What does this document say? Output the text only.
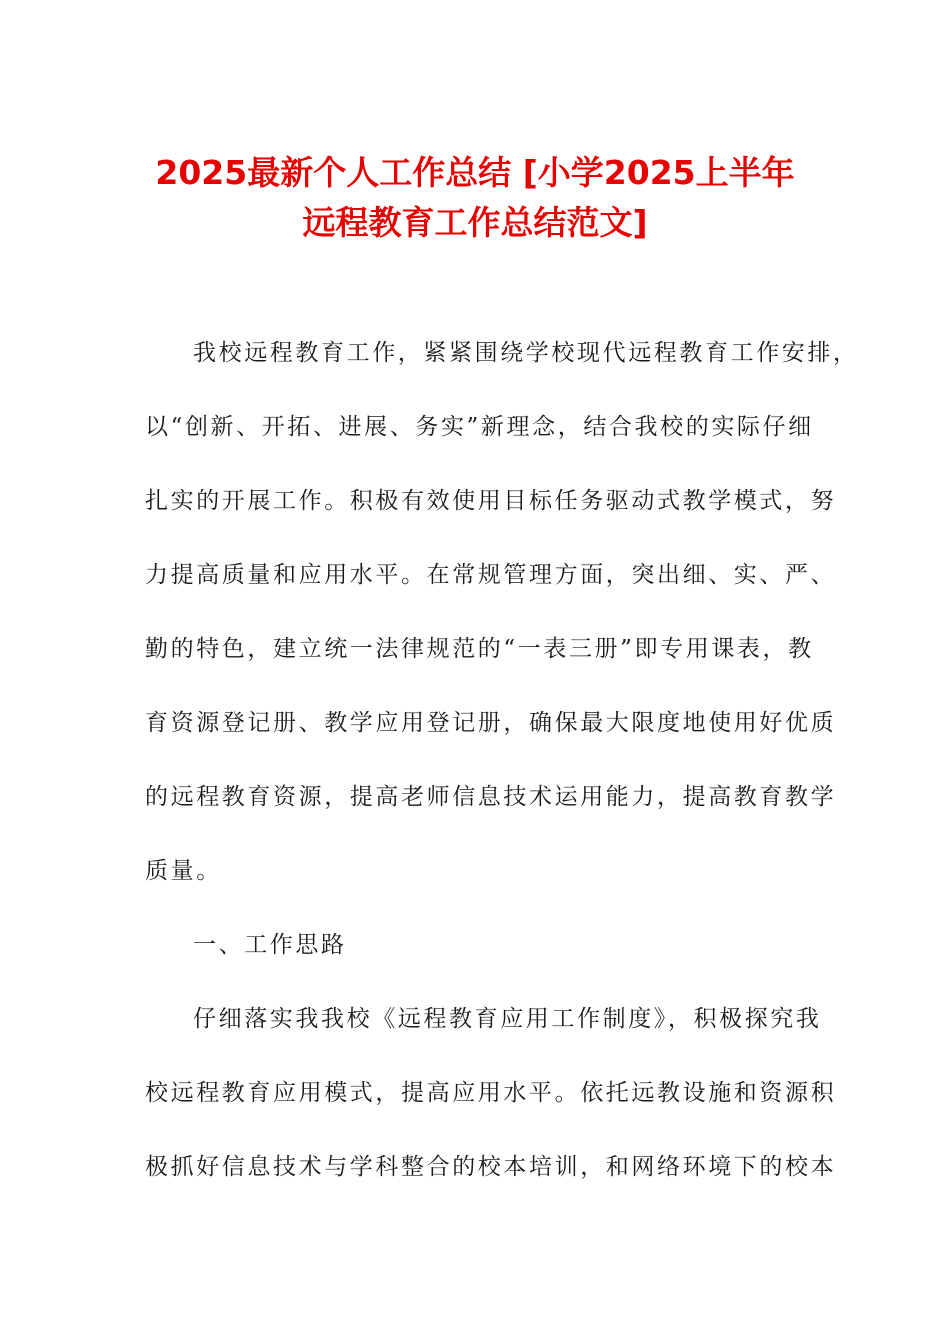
2025最新个人工作总结 [小学2025上半年
远程教育工作总结范文]
我校远程教育工作，紧紧围绕学校现代远程教育工作安排，
以“创新、开拓、进展、务实”新理念，结合我校的实际仔细
扎实的开展工作。积极有效使用目标任务驱动式教学模式，努
力提高质量和应用水平。在常规管理方面，突出细、实、严、
勤的特色，建立统一法律规范的“一表三册”即专用课表，教
育资源登记册、教学应用登记册，确保最大限度地使用好优质
的远程教育资源，提高老师信息技术运用能力，提高教育教学
质量。
一、工作思路
仔细落实我我校《远程教育应用工作制度》，积极探究我
校远程教育应用模式，提高应用水平。依托远教设施和资源积
极抓好信息技术与学科整合的校本培训，和网络环境下的校本
